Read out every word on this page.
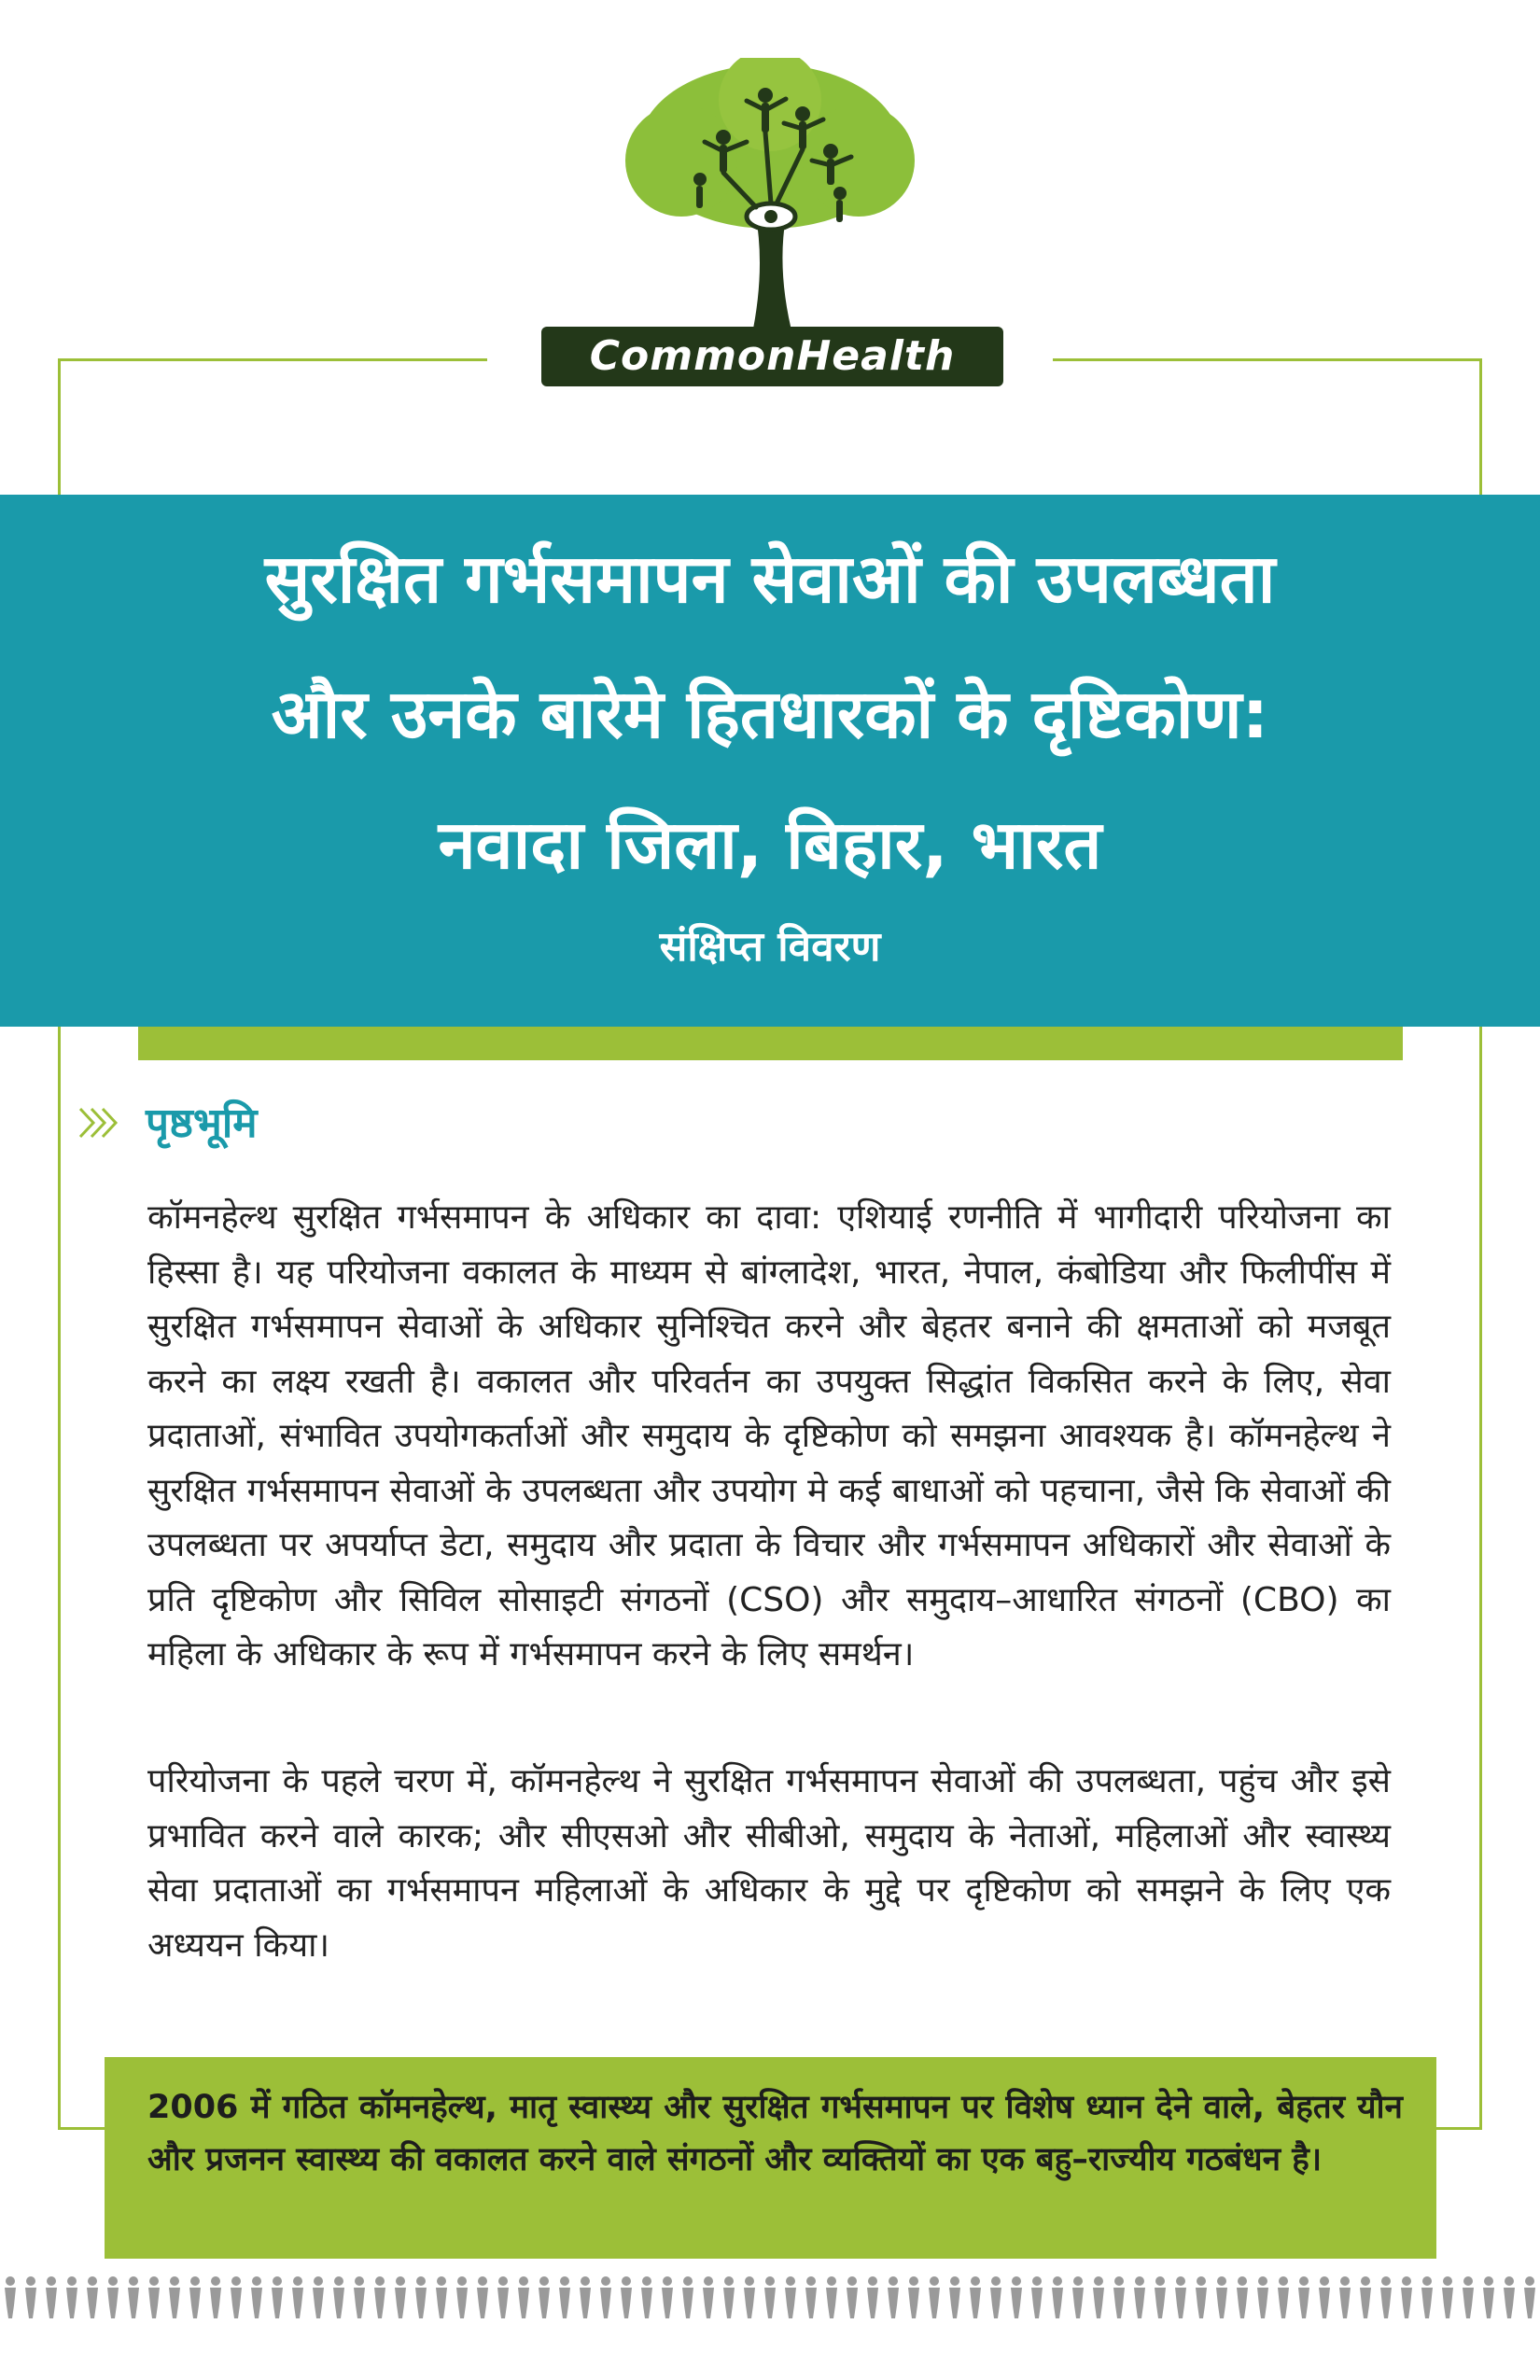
CommonHealth
सुरक्षित गर्भसमापन सेवाओं की उपलब्धता
और उनके बारेमे हितधारकों के दृष्टिकोण:
नवादा जिला, बिहार, भारत
संक्षिप्त विवरण
पृष्ठभूमि
कॉमनहेल्थ सुरक्षित गर्भसमापन के अधिकार का दावा: एशियाई रणनीति में भागीदारी परियोजना का हिस्सा है। यह परियोजना वकालत के माध्यम से बांग्लादेश, भारत, नेपाल, कंबोडिया और फिलीपींस में सुरक्षित गर्भसमापन सेवाओं के अधिकार सुनिश्चित करने और बेहतर बनाने की क्षमताओं को मजबूत करने का लक्ष्य रखती है। वकालत और परिवर्तन का उपयुक्त सिद्धांत विकसित करने के लिए, सेवा प्रदाताओं, संभावित उपयोगकर्ताओं और समुदाय के दृष्टिकोण को समझना आवश्यक है। कॉमनहेल्थ ने सुरक्षित गर्भसमापन सेवाओं के उपलब्धता और उपयोग मे कई बाधाओं को पहचाना, जैसे कि सेवाओं की उपलब्धता पर अपर्याप्त डेटा, समुदाय और प्रदाता के विचार और गर्भसमापन अधिकारों और सेवाओं के प्रति दृष्टिकोण और सिविल सोसाइटी संगठनों (CSO) और समुदाय–आधारित संगठनों (CBO) का महिला के अधिकार के रूप में गर्भसमापन करने के लिए समर्थन।
परियोजना के पहले चरण में, कॉमनहेल्थ ने सुरक्षित गर्भसमापन सेवाओं की उपलब्धता, पहुंच और इसे प्रभावित करने वाले कारक; और सीएसओ और सीबीओ, समुदाय के नेताओं, महिलाओं और स्वास्थ्य सेवा प्रदाताओं का गर्भसमापन महिलाओं के अधिकार के मुद्दे पर दृष्टिकोण को समझने के लिए एक अध्ययन किया।
2006 में गठित कॉमनहेल्थ, मातृ स्वास्थ्य और सुरक्षित गर्भसमापन पर विशेष ध्यान देने वाले, बेहतर यौन और प्रजनन स्वास्थ्य की वकालत करने वाले संगठनों और व्यक्तियों का एक बहु–राज्यीय गठबंधन है।
